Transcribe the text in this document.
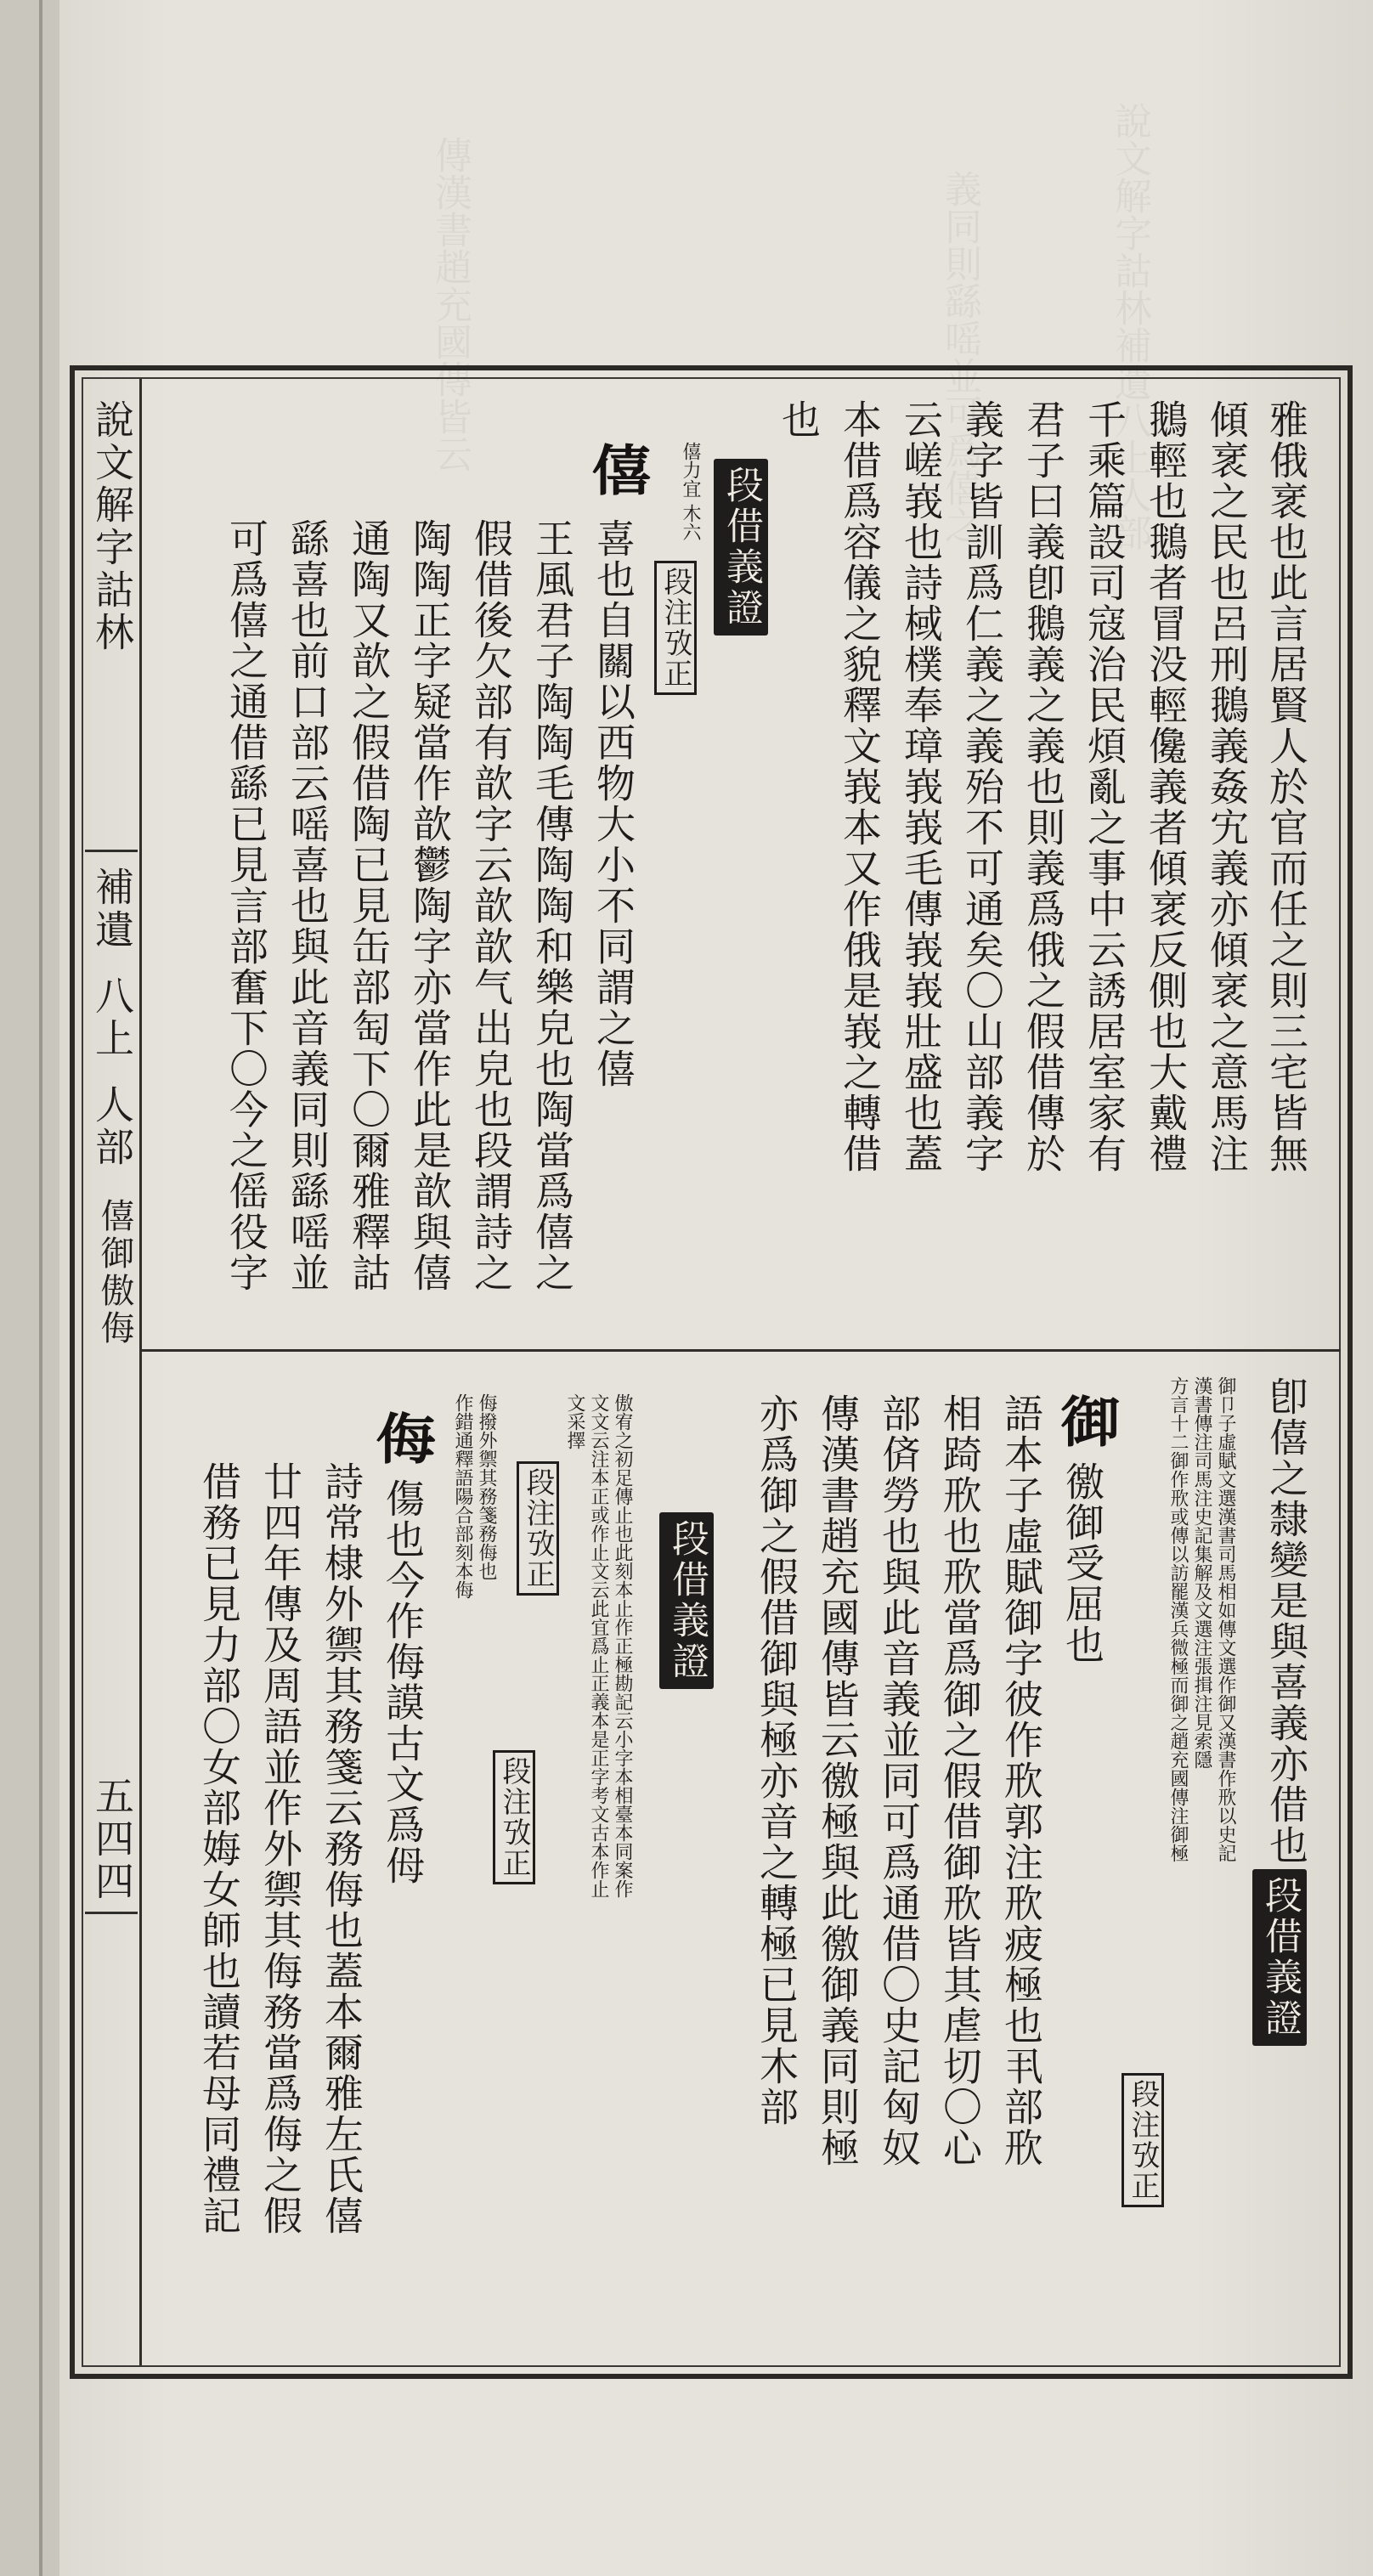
說文解字詁林補遺八上人部
義同則繇嗂並可爲僖之
傳漢書趙充國傳皆云
說文解字詁林
補遺
八上
人部
僖御傲侮
五四四
雅俄衺也此言居賢人於官而任之則三宅皆無
傾衺之民也呂刑鵝義姦宄義亦傾衺之意馬注
鵝輕也鵝者冒没輕儳義者傾衺反側也大戴禮
千乘篇設司寇治民煩亂之事中云誘居室家有
君子曰義卽鵝義之義也則義爲俄之假借傳於
義字皆訓爲仁義之義殆不可通矣〇山部義字
云嵯峩也詩棫樸奉璋峩峩毛傳峩峩壯盛也蓋
本借爲容儀之貌釋文峩本又作俄是峩之轉借
也
段借義證
僖力宜 木六
僖
段注攷正
喜也自關以西物大小不同謂之僖
王風君子陶陶毛傳陶陶和樂皃也陶當爲僖之
假借後欠部有歆字云歆歆气出皃也段謂詩之
陶陶正字疑當作歆鬱陶字亦當作此是歆與僖
通陶又歆之假借陶已見缶部匋下〇爾雅釋詁
繇喜也前口部云嗂喜也與此音義同則繇嗂並
可爲僖之通借繇已見言部奮下〇今之傜役字
卽僖之隸變是與喜義亦借也
御卩子虛賦文選漢書司馬相如傳文選作御又漢書作㰢以史記
漢書傳注司馬注史記集解及文選注張揖注見索隱
方言十二御作㰢或傳以訪罷漢兵微極而御之趙充國傳注御極
段借義證
段注攷正
御
徼御受屈也
語本子虛賦御字彼作㰢郭注㰢疲極也丮部㰢
相踦㰢也㰢當爲御之假借御㰢皆其虐切〇心
部㑪勞也與此音義並同可爲通借〇史記匈奴
傳漢書趙充國傳皆云徼極與此徼御義同則極
亦爲御之假借御與極亦音之轉極已見木部
段借義證
傲宥之初足傳止也此刻本止作正極勘記云小字本相臺本同案作
文文云注本正或作止文云此宜爲止正義本是正字考文古本作止
文采擇
段注攷正
侮撥外禦其務箋務侮也
作錯通釋語陽合部刻本侮
侮
傷也今作侮謨古文爲㑄 段注攷正
詩常棣外禦其務箋云務侮也蓋本爾雅左氏僖
廿四年傳及周語並作外禦其侮務當爲侮之假
借務已見力部〇女部娒女師也讀若母同禮記
